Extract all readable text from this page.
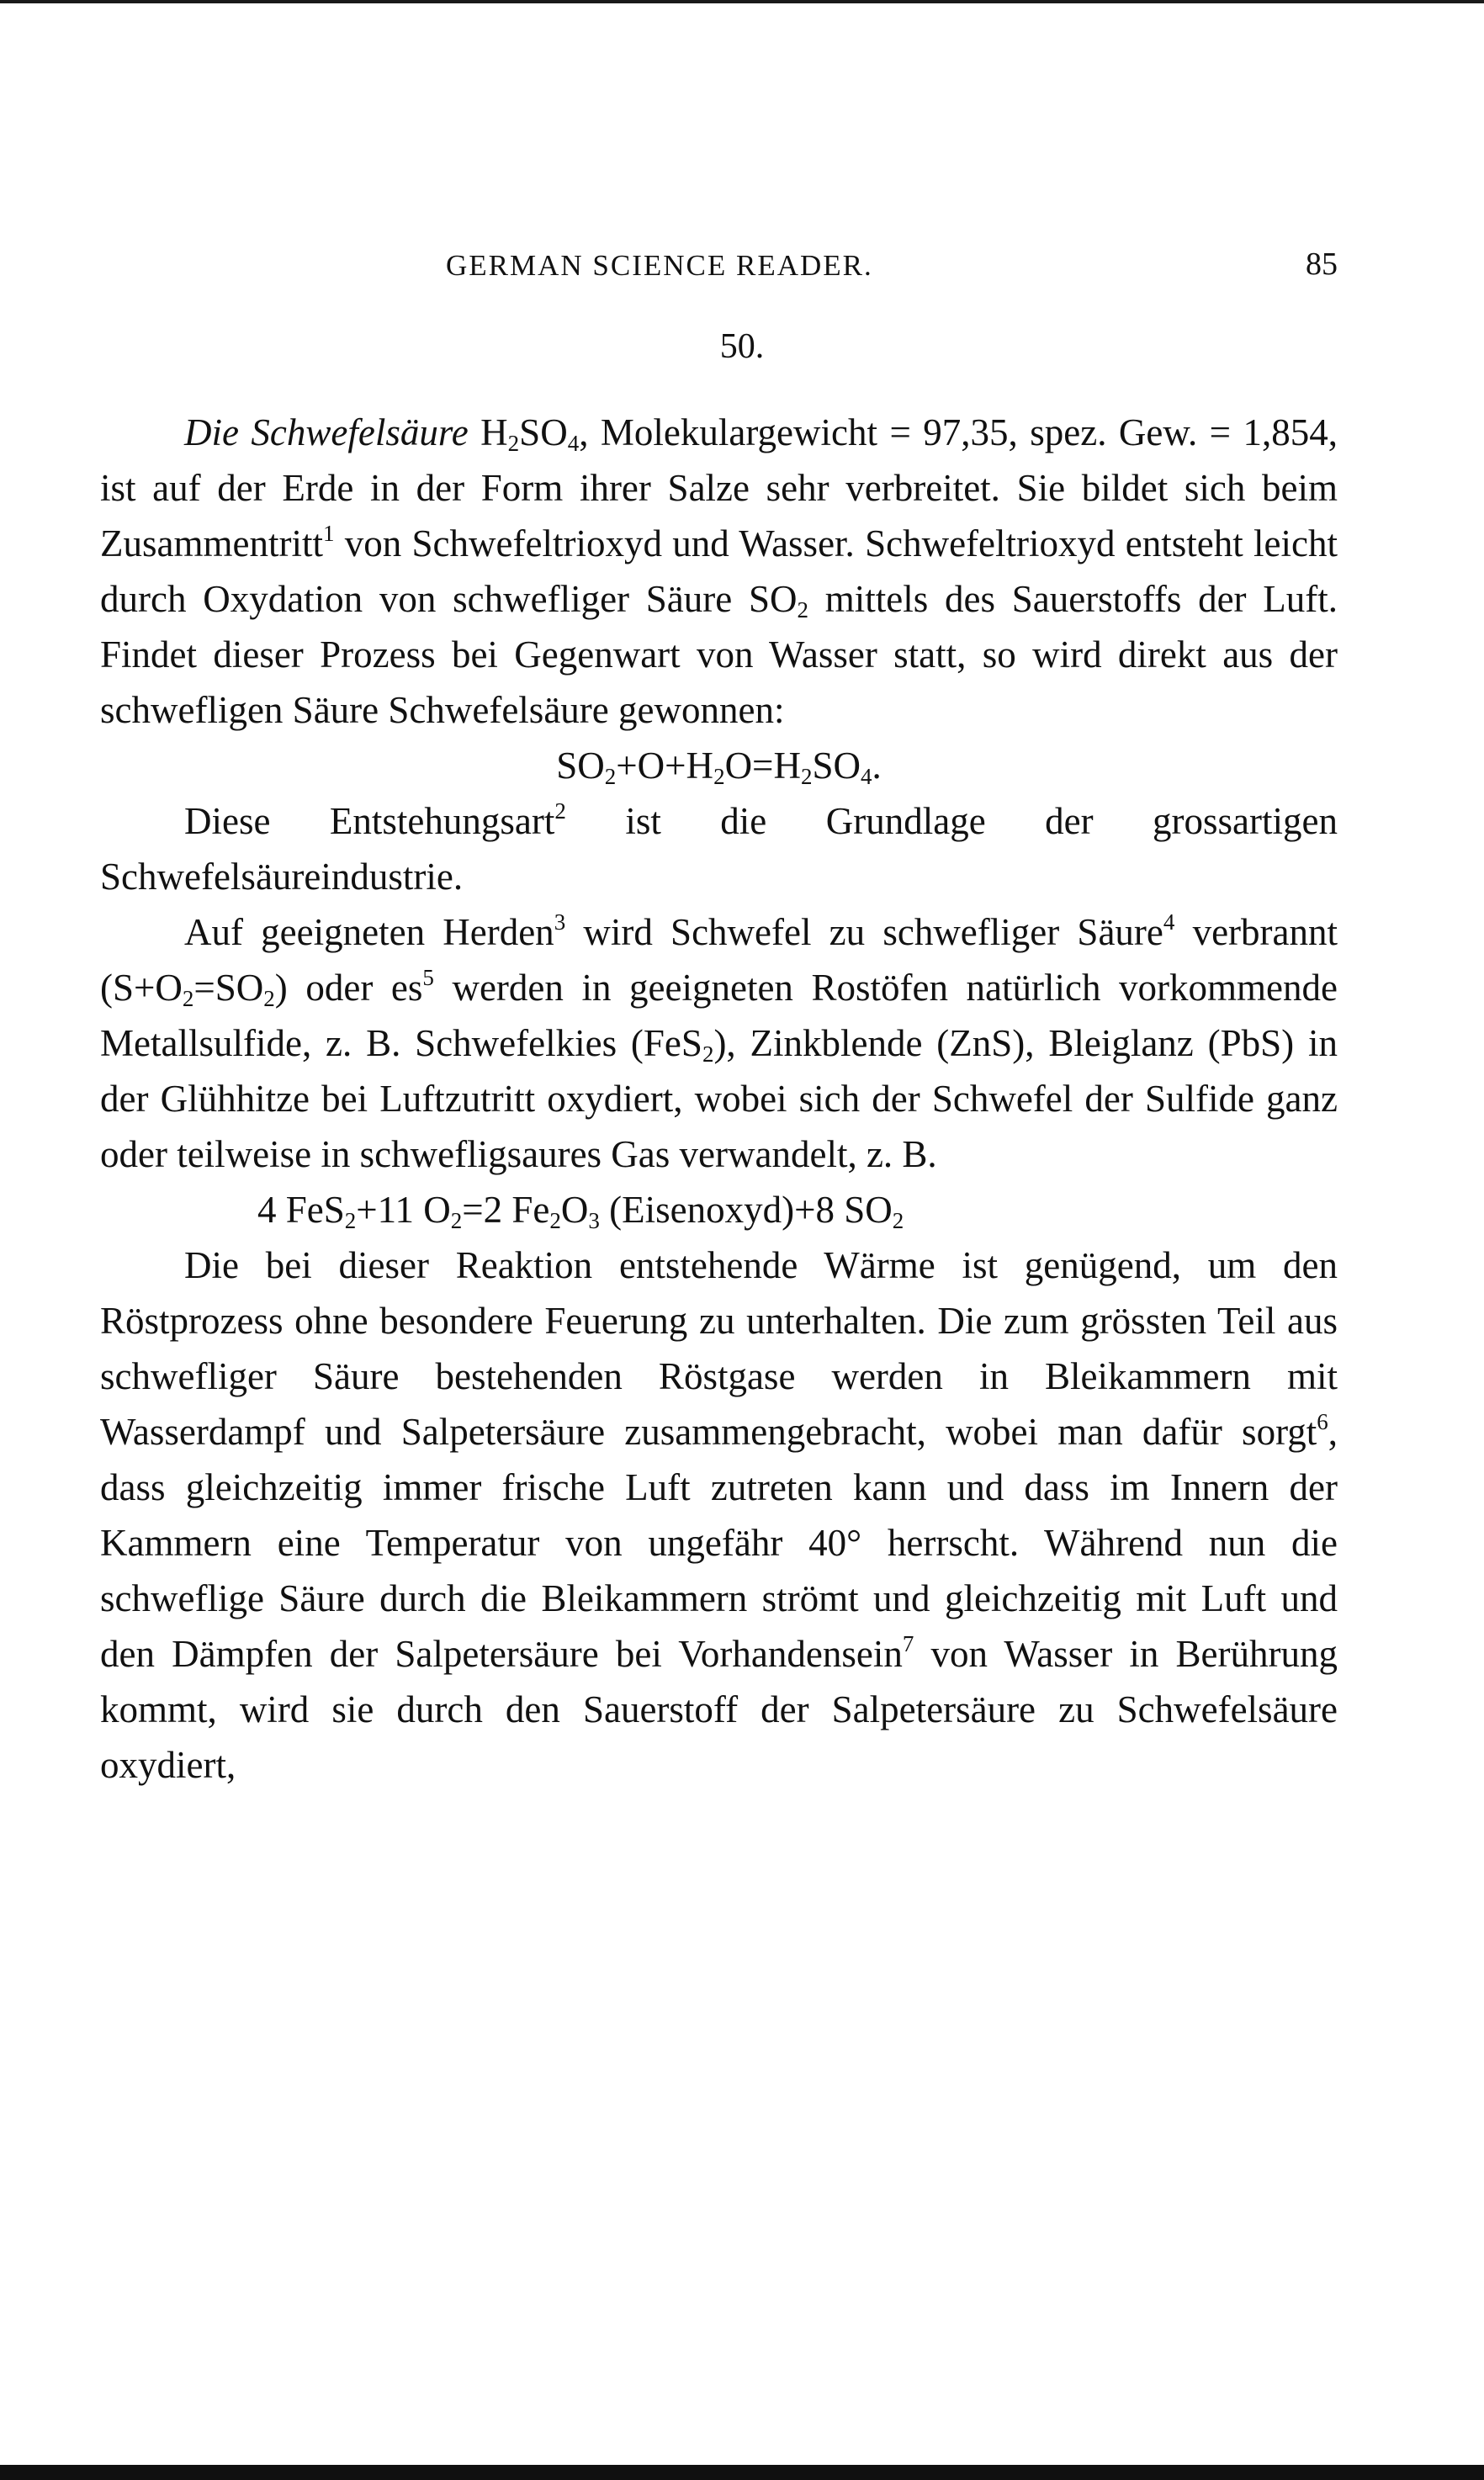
GERMAN SCIENCE READER.	85
50.

Die Schwefelsäure $H_2SO_4$, Molekulargewicht = 97,35, spez. Gew. = 1,854, ist auf der Erde in der Form ihrer Salze sehr verbreitet. Sie bildet sich beim Zusammentritt$^1$ von Schwefeltrioxyd und Wasser. Schwefeltrioxyd entsteht leicht durch Oxydation von schwefliger Säure $SO_2$ mittels des Sauerstoffs der Luft. Findet dieser Prozess bei Gegenwart von Wasser statt, so wird direkt aus der schwefligen Säure Schwefelsäure gewonnen:

$SO_2+O+H_2O=H_2SO_4$.

Diese Entstehungsart$^2$ ist die Grundlage der grossartigen Schwefelsäureindustrie.

Auf geeigneten Herden$^3$ wird Schwefel zu schwefliger Säure$^4$ verbrannt $(S+O_2=SO_2)$ oder $es^5$ werden in geeigneten Rostöfen natürlich vorkommende Metallsulfide, z. B. Schwefelkies (FeS$_2$), Zinkblende (ZnS), Bleiglanz (PbS) in der Glühhitze bei Luftzutritt oxydiert, wobei sich der Schwefel der Sulfide ganz oder teilweise in schwefligsaures Gas verwandelt, z. B.

4 FeS$_2$+11 $O_2=2$ $Fe_2O_3$ (Eisenoxyd)+8 $SO_2$

Die bei dieser Reaktion entstehende Wärme ist genügend, um den Röstprozess ohne besondere Feuerung zu unterhalten. Die zum grössten Teil aus schwefliger Säure bestehenden Röstgase werden in Bleikammern mit Wasserdampf und Salpetersäure zusammengebracht, wobei man dafür sorgt$^6$, dass gleichzeitig immer frische Luft zutreten kann und dass im Innern der Kammern eine Temperatur von ungefähr 40° herrscht. Während nun die schweflige Säure durch die Bleikammern strömt und gleichzeitig mit Luft und den Dämpfen der Salpetersäure bei Vorhandensein$^7$ von Wasser in Berührung kommt, wird sie durch den Sauerstoff der Salpetersäure zu Schwefelsäure oxydiert,
